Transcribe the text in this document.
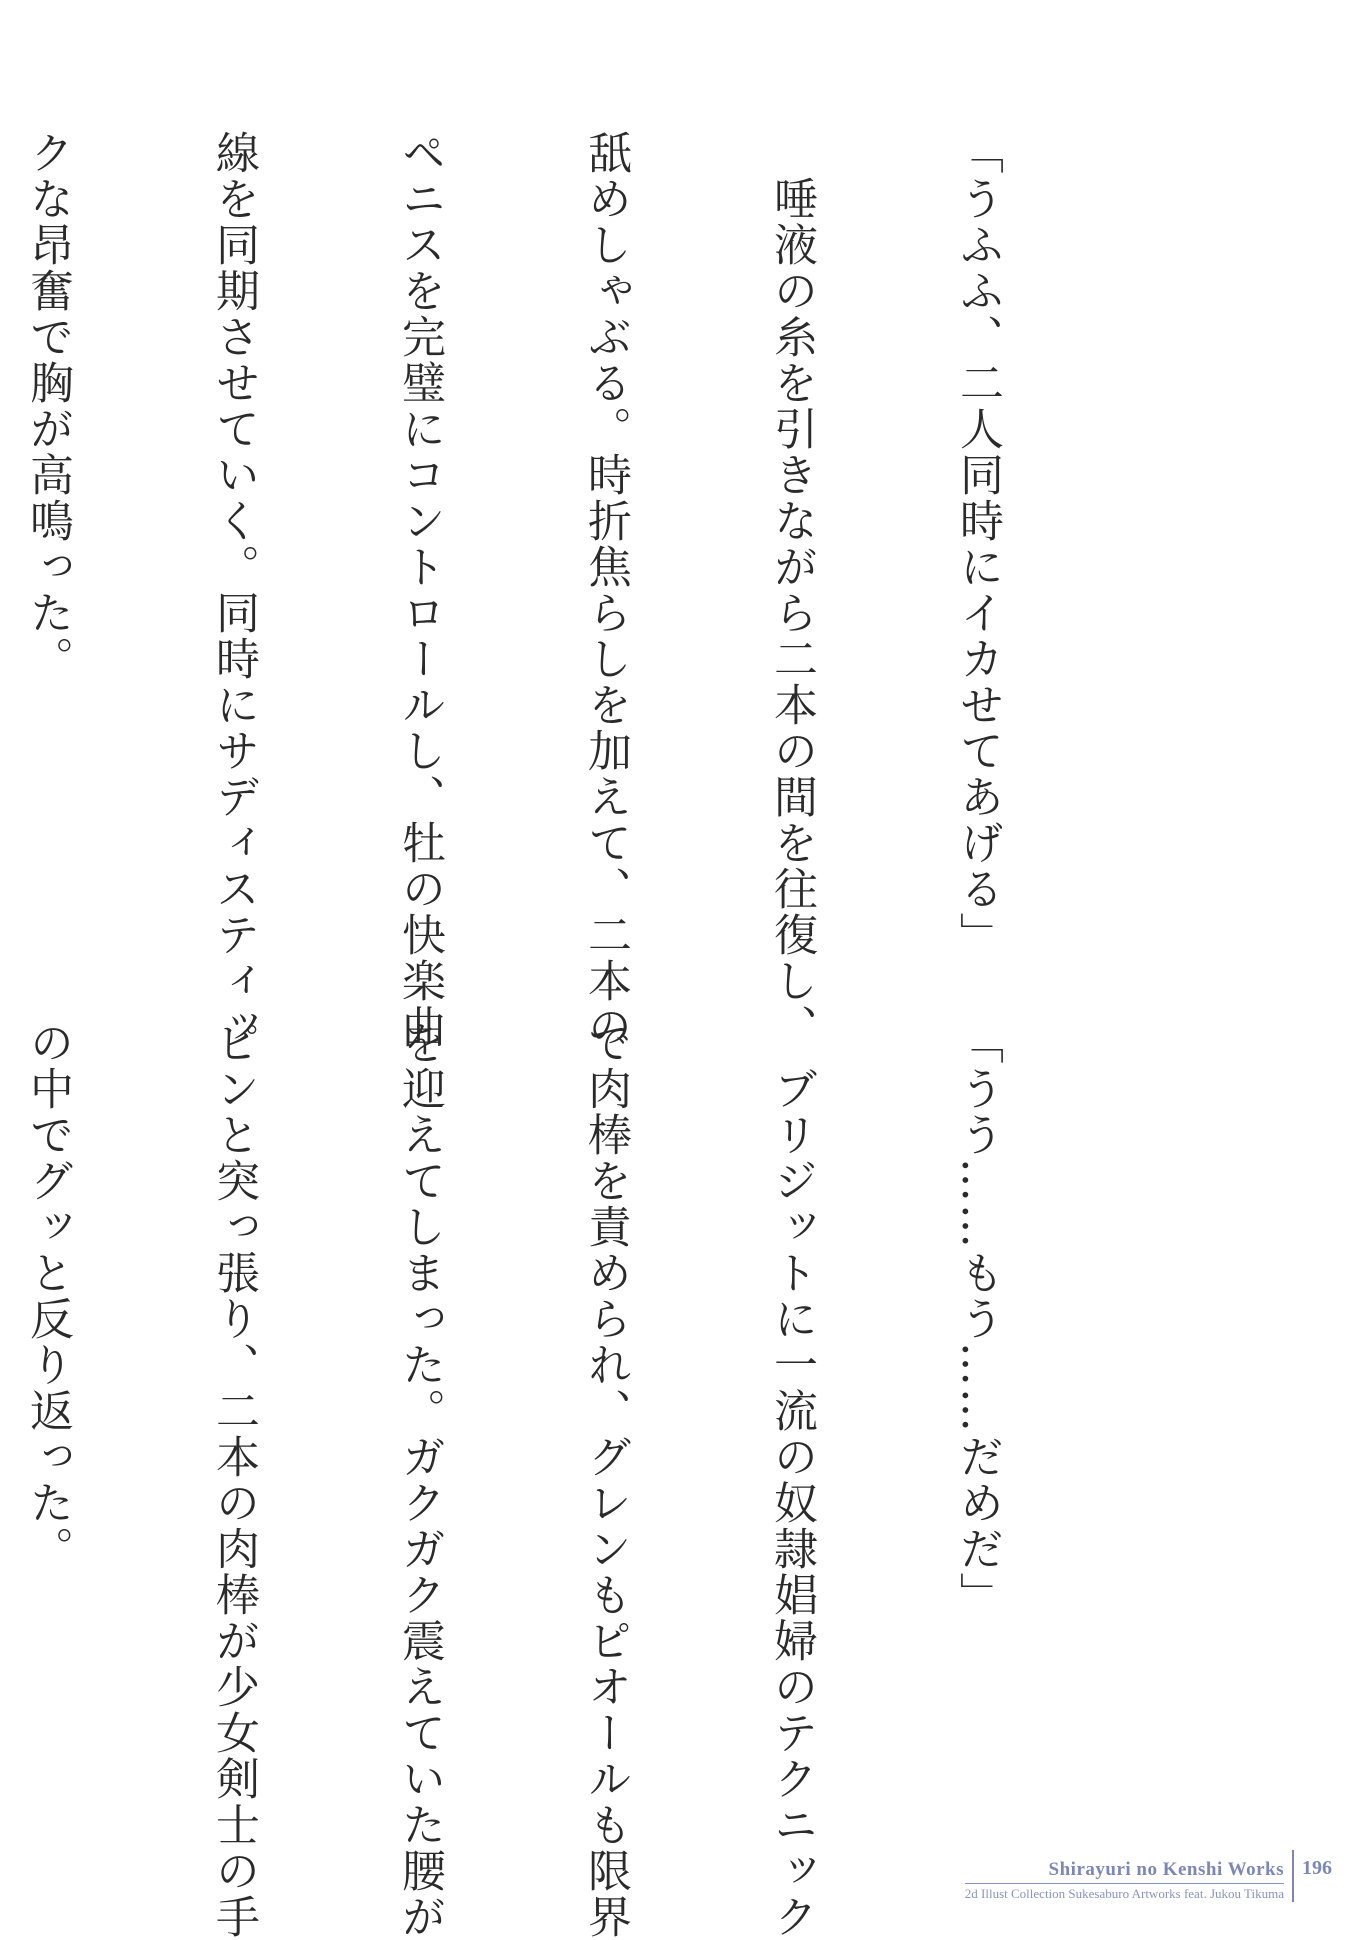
「うふふ、二人同時にイカせてあげる」

　唾液の糸を引きながら二本の間を往復し、

舐めしゃぶる。時折焦らしを加えて、二本の

ペニスを完璧にコントロールし、牡の快楽曲

線を同期させていく。同時にサディスティッ

クな昂奮で胸が高鳴った。

「うう……もう……だめだ」

　ブリジットに一流の奴隷娼婦のテクニック

で肉棒を責められ、グレンもピオールも限界

を迎えてしまった。ガクガク震えていた腰が

ピンと突っ張り、二本の肉棒が少女剣士の手

の中でグッと反り返った。

Shirayuri no Kenshi Works
2d Illust Collection Sukesaburo Artworks feat. Jukou Tikuma
196
